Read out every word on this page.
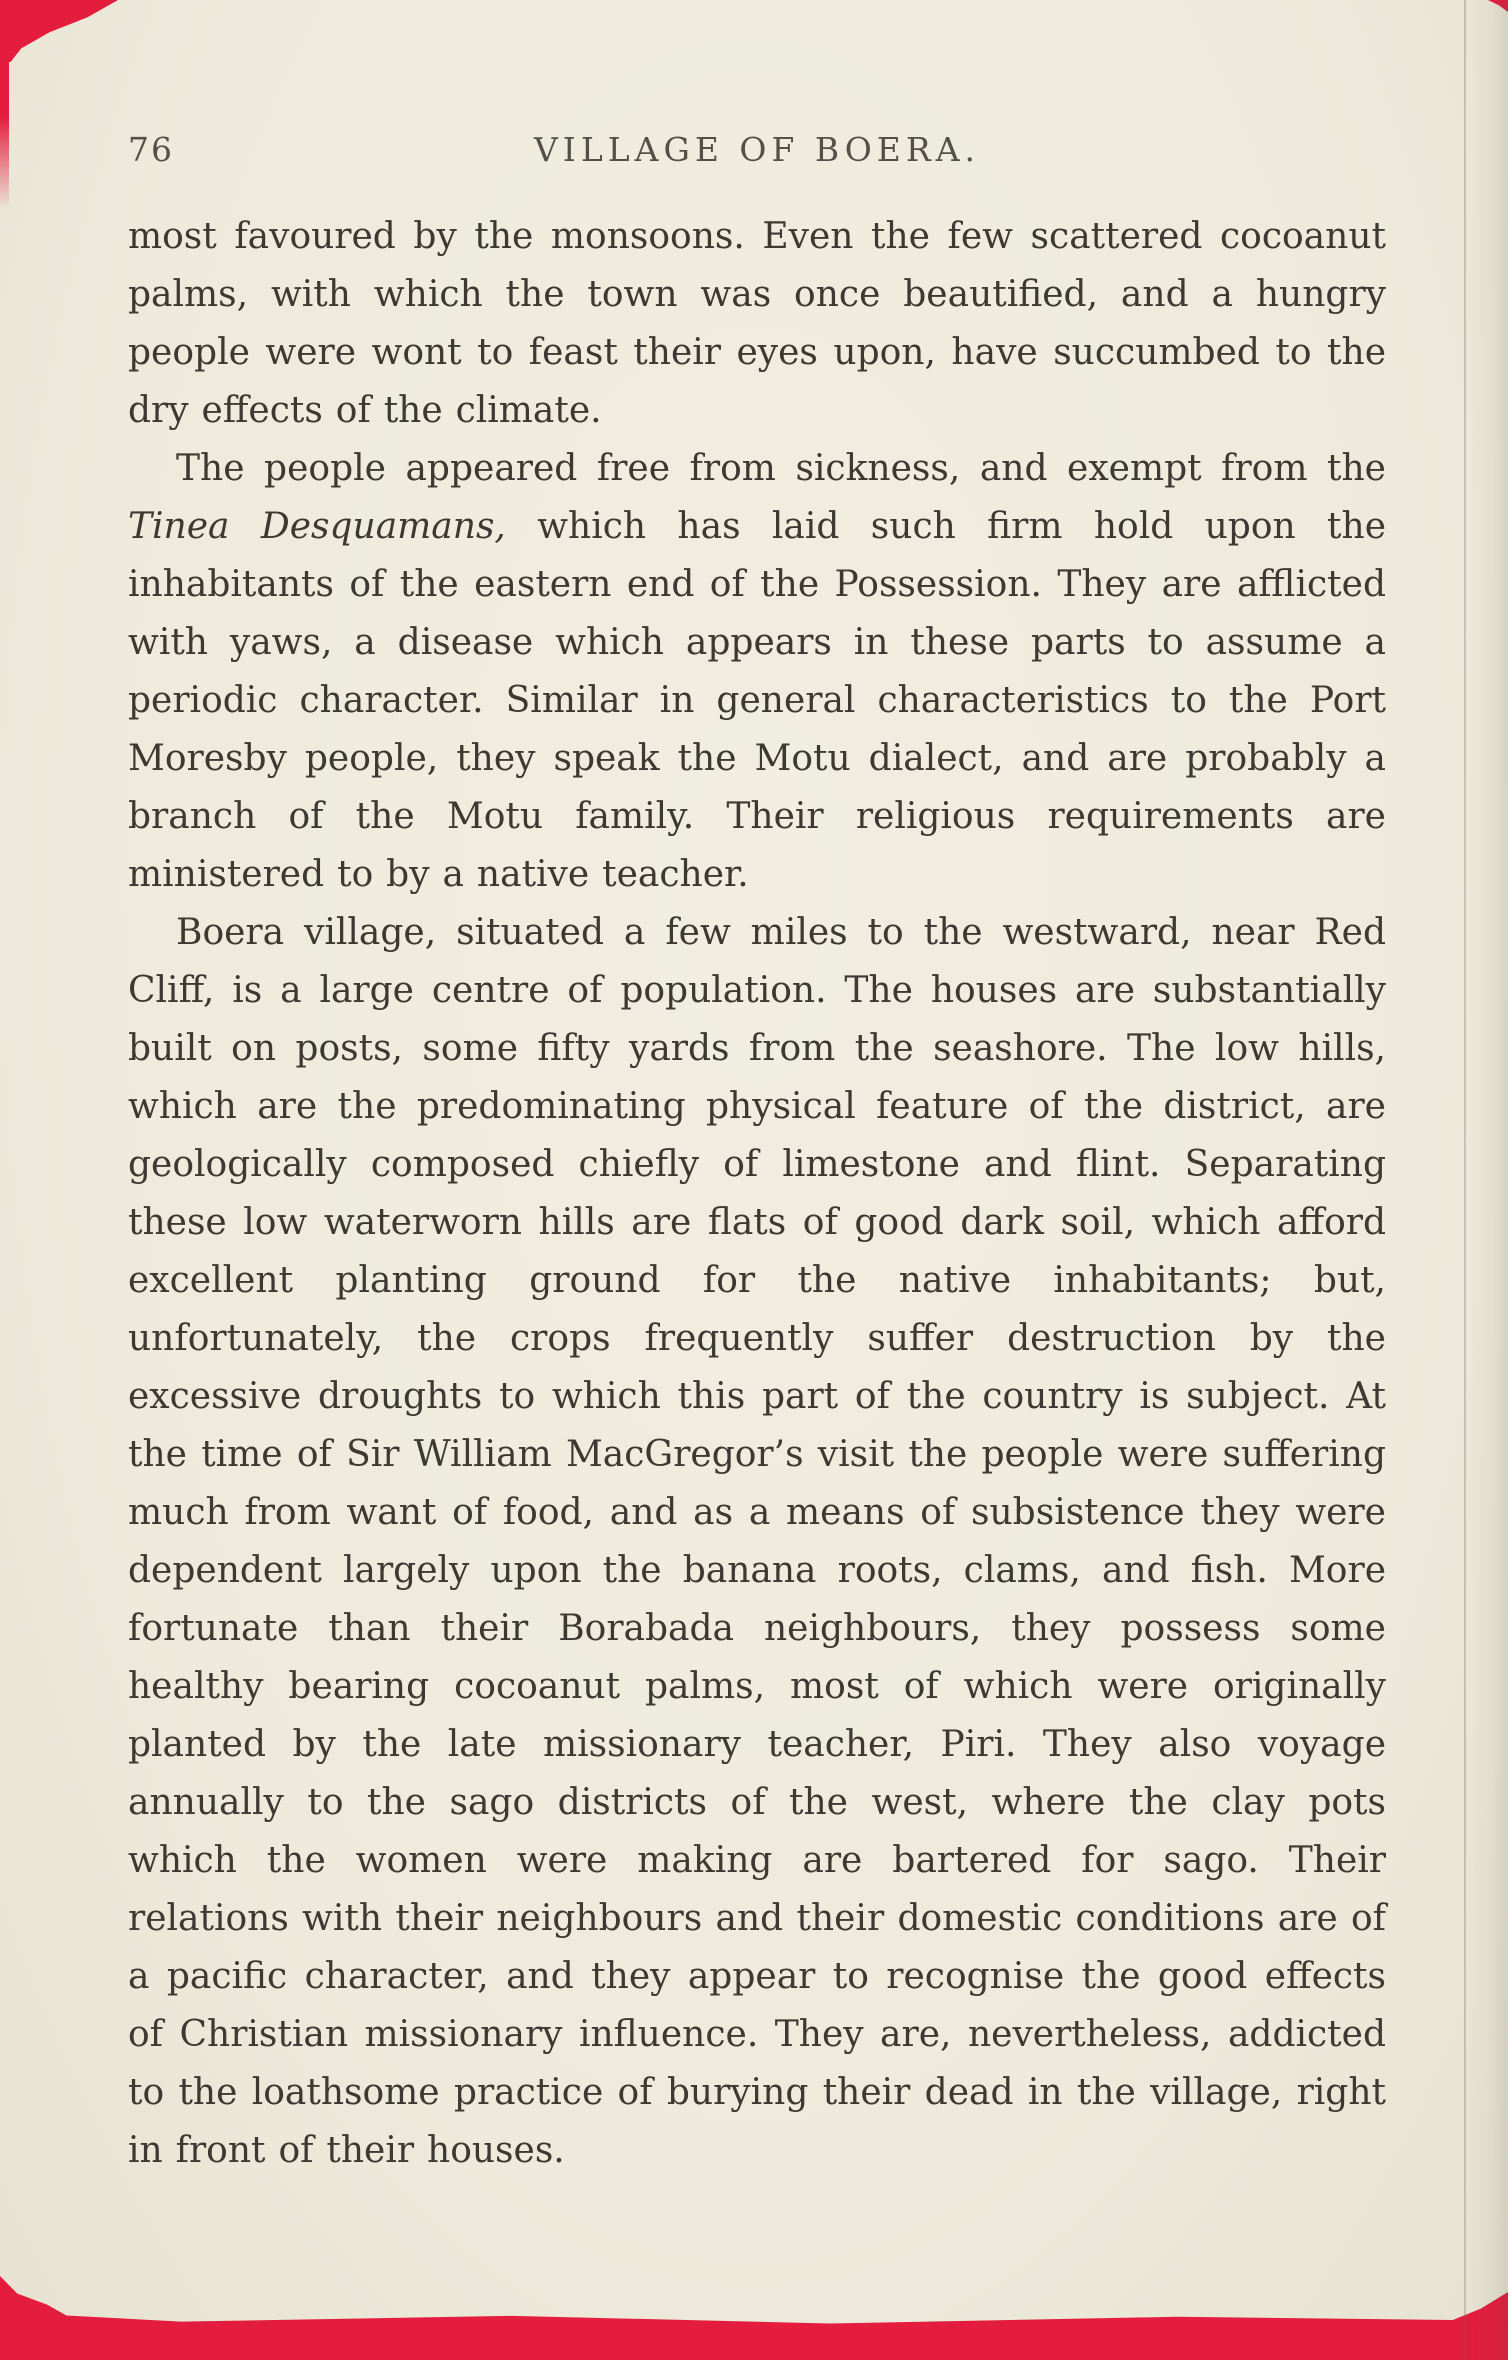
76	VILLAGE OF BOERA.

most favoured by the monsoons. Even the few scattered cocoanut palms, with which the town was once beautified, and a hungry people were wont to feast their eyes upon, have succumbed to the dry effects of the climate.

The people appeared free from sickness, and exempt from the Tinea Desquamans, which has laid such firm hold upon the inhabitants of the eastern end of the Possession. They are afflicted with yaws, a disease which appears in these parts to assume a periodic character. Similar in general characteristics to the Port Moresby people, they speak the Motu dialect, and are probably a branch of the Motu family. Their religious requirements are ministered to by a native teacher.

Boera village, situated a few miles to the westward, near Red Cliff, is a large centre of population. The houses are substantially built on posts, some fifty yards from the seashore. The low hills, which are the predominating physical feature of the district, are geologically composed chiefly of limestone and flint. Separating these low waterworn hills are flats of good dark soil, which afford excellent planting ground for the native inhabitants; but, unfortunately, the crops frequently suffer destruction by the excessive droughts to which this part of the country is subject. At the time of Sir William MacGregor’s visit the people were suffering much from want of food, and as a means of subsistence they were dependent largely upon the banana roots, clams, and fish. More fortunate than their Borabada neighbours, they possess some healthy bearing cocoanut palms, most of which were originally planted by the late missionary teacher, Piri. They also voyage annually to the sago districts of the west, where the clay pots which the women were making are bartered for sago. Their relations with their neighbours and their domestic conditions are of a pacific character, and they appear to recognise the good effects of Christian missionary influence. They are, nevertheless, addicted to the loathsome practice of burying their dead in the village, right in front of their houses.
